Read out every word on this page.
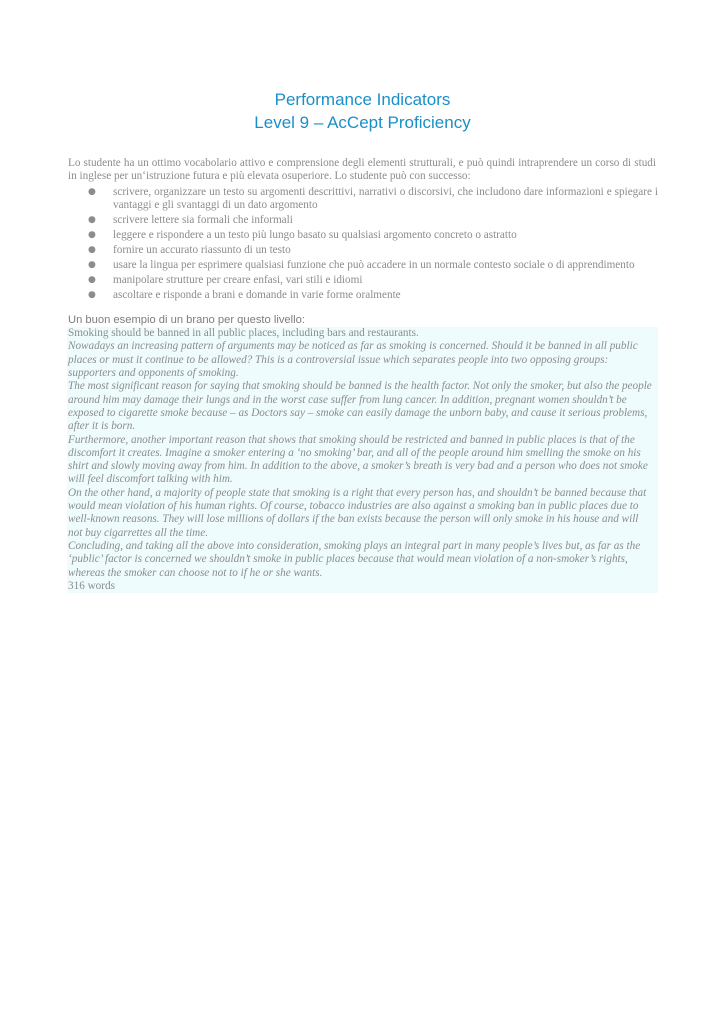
Performance Indicators
Level 9 – AcCept Proficiency

Lo studente ha un ottimo vocabolario attivo e comprensione degli elementi strutturali, e può quindi intraprendere un corso di studi in inglese per un‘istruzione futura e più elevata osuperiore. Lo studente può con successo:

● scrivere, organizzare un testo su argomenti descrittivi, narrativi o discorsivi, che includono dare informazioni e spiegare i vantaggi e gli svantaggi di un dato argomento
● scrivere lettere sia formali che informali
● leggere e rispondere a un testo più lungo basato su qualsiasi argomento concreto o astratto
● fornire un accurato riassunto di un testo
● usare la lingua per esprimere qualsiasi funzione che può accadere in un normale contesto sociale o di apprendimento
● manipolare strutture per creare enfasi, vari stili e idiomi
● ascoltare e risponde a brani e domande in varie forme oralmente
Un buon esempio di un brano per questo livello:

Smoking should be banned in all public places, including bars and restaurants.

Nowadays an increasing pattern of arguments may be noticed as far as smoking is concerned. Should it be banned in all public places or must it continue to be allowed? This is a controversial issue which separates people into two opposing groups: supporters and opponents of smoking.

The most significant reason for saying that smoking should be banned is the health factor. Not only the smoker, but also the people around him may damage their lungs and in the worst case suffer from lung cancer. In addition, pregnant women shouldn’t be exposed to cigarette smoke because – as Doctors say – smoke can easily damage the unborn baby, and cause it serious problems, after it is born.

Furthermore, another important reason that shows that smoking should be restricted and banned in public places is that of the discomfort it creates. Imagine a smoker entering a ‘no smoking’ bar, and all of the people around him smelling the smoke on his shirt and slowly moving away from him. In addition to the above, a smoker’s breath is very bad and a person who does not smoke will feel discomfort talking with him.

On the other hand, a majority of people state that smoking is a right that every person has, and shouldn’t be banned because that would mean violation of his human rights. Of course, tobacco industries are also against a smoking ban in public places due to well-known reasons. They will lose millions of dollars if the ban exists because the person will only smoke in his house and will not buy cigarrettes all the time.

Concluding, and taking all the above into consideration, smoking plays an integral part in many people’s lives but, as far as the ‘public’ factor is concerned we shouldn’t smoke in public places because that would mean violation of a non-smoker’s rights, whereas the smoker can choose not to if he or she wants.

316 words
